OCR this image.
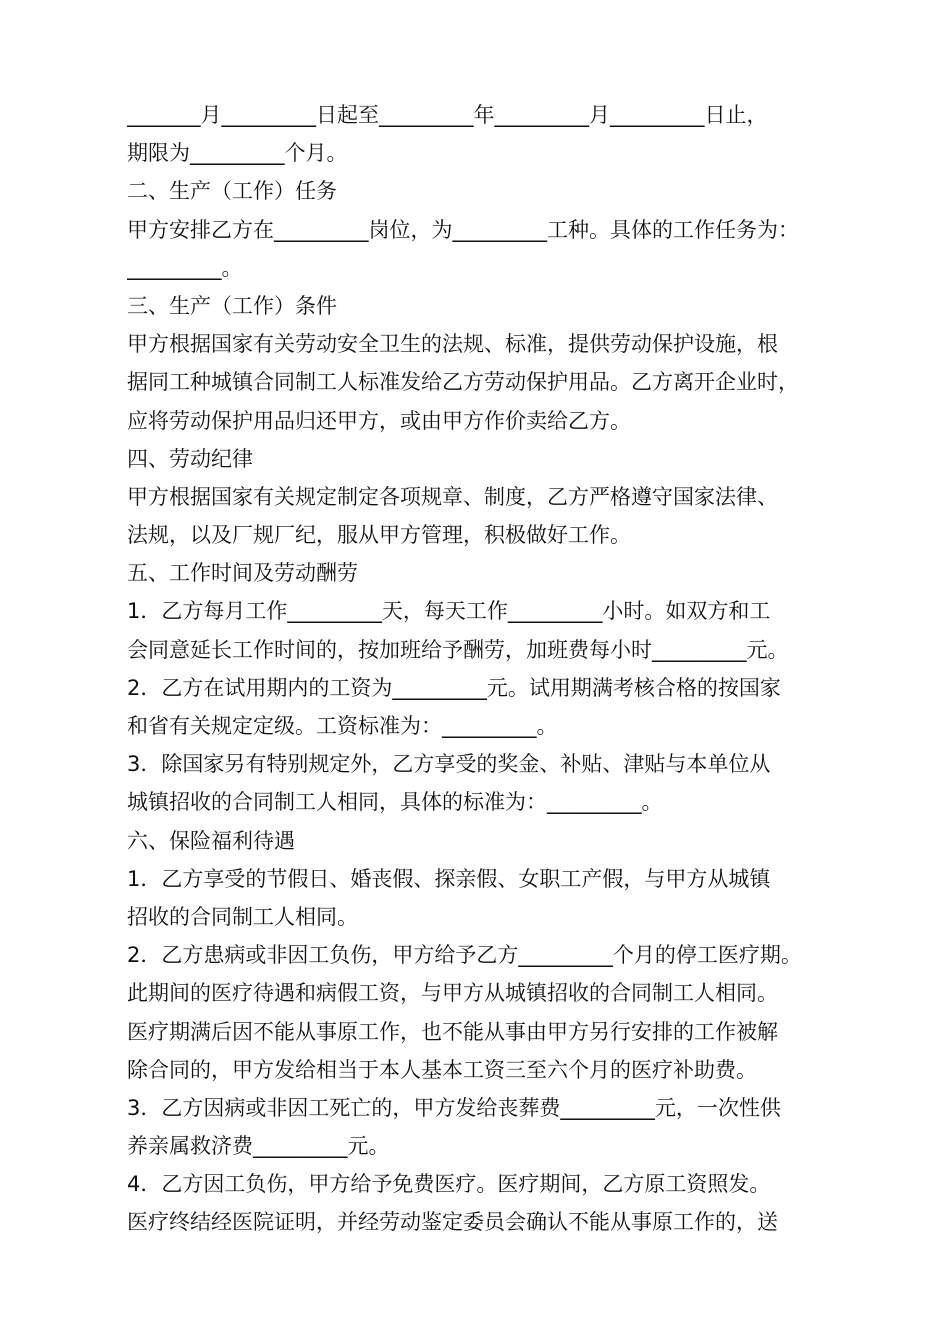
_______月_________日起至_________年_________月_________日止，
期限为_________个月。
二、生产（工作）任务
甲方安排乙方在_________岗位，为_________工种。具体的工作任务为：
_________。
三、生产（工作）条件
甲方根据国家有关劳动安全卫生的法规、标准，提供劳动保护设施，根
据同工种城镇合同制工人标准发给乙方劳动保护用品。乙方离开企业时，
应将劳动保护用品归还甲方，或由甲方作价卖给乙方。
四、劳动纪律
甲方根据国家有关规定制定各项规章、制度，乙方严格遵守国家法律、
法规，以及厂规厂纪，服从甲方管理，积极做好工作。
五、工作时间及劳动酬劳
1．乙方每月工作_________天，每天工作_________小时。如双方和工
会同意延长工作时间的，按加班给予酬劳，加班费每小时_________元。
2．乙方在试用期内的工资为_________元。试用期满考核合格的按国家
和省有关规定定级。工资标准为：_________。
3．除国家另有特别规定外，乙方享受的奖金、补贴、津贴与本单位从
城镇招收的合同制工人相同，具体的标准为：_________。
六、保险福利待遇
1．乙方享受的节假日、婚丧假、探亲假、女职工产假，与甲方从城镇
招收的合同制工人相同。
2．乙方患病或非因工负伤，甲方给予乙方_________个月的停工医疗期。
此期间的医疗待遇和病假工资，与甲方从城镇招收的合同制工人相同。
医疗期满后因不能从事原工作，也不能从事由甲方另行安排的工作被解
除合同的，甲方发给相当于本人基本工资三至六个月的医疗补助费。
3．乙方因病或非因工死亡的，甲方发给丧葬费_________元，一次性供
养亲属救济费_________元。
4．乙方因工负伤，甲方给予免费医疗。医疗期间，乙方原工资照发。
医疗终结经医院证明，并经劳动鉴定委员会确认不能从事原工作的，送
